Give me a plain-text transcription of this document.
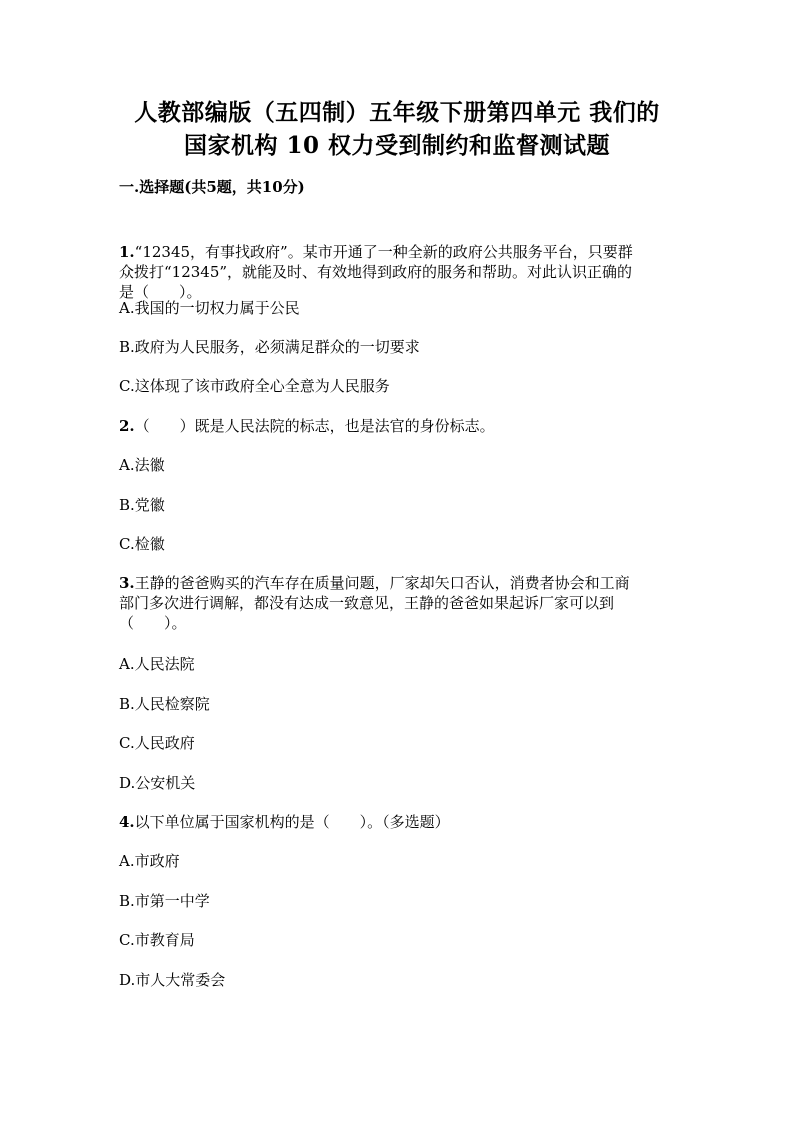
人教部编版（五四制）五年级下册第四单元 我们的
国家机构 10 权力受到制约和监督测试题
一.选择题(共5题，共10分)
1.“12345，有事找政府”。某市开通了一种全新的政府公共服务平台，只要群
众拨打“12345”，就能及时、有效地得到政府的服务和帮助。对此认识正确的
是（　　）。
A.我国的一切权力属于公民
B.政府为人民服务，必须满足群众的一切要求
C.这体现了该市政府全心全意为人民服务
2.（　　）既是人民法院的标志，也是法官的身份标志。
A.法徽
B.党徽
C.检徽
3.王静的爸爸购买的汽车存在质量问题，厂家却矢口否认，消费者协会和工商
部门多次进行调解，都没有达成一致意见，王静的爸爸如果起诉厂家可以到
（　　）。
A.人民法院
B.人民检察院
C.人民政府
D.公安机关
4.以下单位属于国家机构的是（　　）。（多选题）
A.市政府
B.市第一中学
C.市教育局
D.市人大常委会
